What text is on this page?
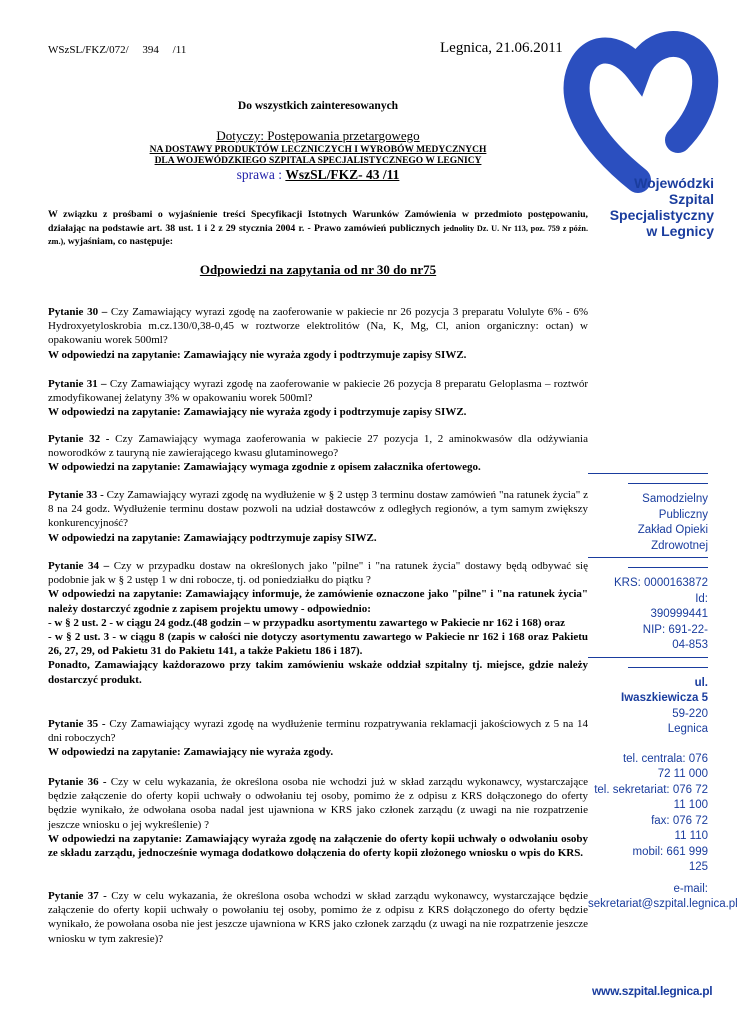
WSzSL/FKZ/072/     394     /11	Legnica, 21.06.2011
Wojewódzki
Szpital
Specjalistyczny
w Legnicy
Do wszystkich zainteresowanych
Dotyczy: Postępowania przetargowego
NA DOSTAWY PRODUKTÓW LECZNICZYCH I WYROBÓW MEDYCZNYCH
DLA WOJEWÓDZKIEGO SZPITALA SPECJALISTYCZNEGO W LEGNICY
sprawa : WszSL/FKZ- 43 /11
W związku z prośbami o wyjaśnienie treści Specyfikacji Istotnych Warunków Zamówienia w przedmioto postępowaniu, działając na podstawie art. 38 ust. 1 i 2 z 29 stycznia 2004 r. - Prawo zamówień publicznych jednolity Dz. U. Nr 113, poz. 759 z późn. zm.), wyjaśniam, co następuje:
Odpowiedzi na zapytania od nr 30 do nr75
Pytanie 30 – Czy Zamawiający wyrazi zgodę na zaoferowanie w pakiecie nr 26 pozycja 3 preparatu Volulyte 6% - 6% Hydroxyetyloskrobia m.cz.130/0,38-0,45 w roztworze elektrolitów (Na, K, Mg, Cl, anion organiczny: octan) w opakowaniu worek 500ml?
W odpowiedzi na zapytanie: Zamawiający nie wyraża zgody i podtrzymuje zapisy SIWZ.
Pytanie 31 – Czy Zamawiający wyrazi zgodę na zaoferowanie w pakiecie 26 pozycja 8 preparatu Geloplasma – roztwór zmodyfikowanej żelatyny 3% w opakowaniu worek 500ml?
W odpowiedzi na zapytanie: Zamawiający nie wyraża zgody i podtrzymuje zapisy SIWZ.
Pytanie 32 - Czy Zamawiający wymaga zaoferowania w pakiecie 27 pozycja 1, 2 aminokwasów dla odżywiania noworodków z tauryną nie zawierającego kwasu glutaminowego?
W odpowiedzi na zapytanie: Zamawiający wymaga zgodnie z opisem załacznika ofertowego.
Pytanie 33 - Czy Zamawiający wyrazi zgodę na wydłużenie w § 2 ustęp 3 terminu dostaw zamówień "na ratunek życia" z 8 na 24 godz. Wydłużenie terminu dostaw pozwoli na udział dostawców z odległych regionów, a tym samym zwiększy konkurencyjność?
W odpowiedzi na zapytanie: Zamawiający podtrzymuje zapisy SIWZ.
Pytanie 34 – Czy w przypadku dostaw na określonych jako "pilne" i "na ratunek życia" dostawy będą odbywać się podobnie jak w § 2 ustęp 1 w dni robocze, tj. od poniedziałku do piątku ?
W odpowiedzi na zapytanie: Zamawiający informuje, że zamówienie oznaczone jako "pilne" i "na ratunek życia" należy dostarczyć zgodnie z zapisem projektu umowy - odpowiednio:
- w § 2 ust. 2 - w ciągu 24 godz.(48 godzin – w przypadku asortymentu zawartego w Pakiecie nr 162 i 168) oraz
- w § 2 ust. 3 - w ciągu 8 (zapis w całości nie dotyczy asortymentu zawartego w Pakiecie nr 162 i 168 oraz Pakietu 26, 27, 29, od Pakietu 31 do Pakietu 141, a także Pakietu 186 i 187).
Ponadto, Zamawiający każdorazowo przy takim zamówieniu wskaże oddział szpitalny tj. miejsce, gdzie należy dostarczyć produkt.
Pytanie 35 - Czy Zamawiający wyrazi zgodę na wydłużenie terminu rozpatrywania reklamacji jakościowych z 5 na 14 dni roboczych?
W odpowiedzi na zapytanie: Zamawiający nie wyraża zgody.
Pytanie 36 - Czy w celu wykazania, że określona osoba nie wchodzi już w skład zarządu wykonawcy, wystarczające będzie załączenie do oferty kopii uchwały o odwołaniu tej osoby, pomimo że z odpisu z KRS dołączonego do oferty będzie wynikało, że odwołana osoba nadal jest ujawniona w KRS jako członek zarządu (z uwagi na nie rozpatrzenie jeszcze wniosku o jej wykreślenie) ?
W odpowiedzi na zapytanie: Zamawiający wyraża zgodę na załączenie do oferty kopii uchwały o odwołaniu osoby ze składu zarządu, jednocześnie wymaga dodatkowo dołączenia do oferty kopii złożonego wniosku o wpis do KRS.
Pytanie 37 - Czy w celu wykazania, że określona osoba wchodzi w skład zarządu wykonawcy, wystarczające będzie załączenie do oferty kopii uchwały o powołaniu tej osoby, pomimo że z odpisu z KRS dołączonego do oferty będzie wynikało, że powołana osoba nie jest jeszcze ujawniona w KRS jako członek zarządu (z uwagi na nie rozpatrzenie jeszcze wniosku w tym zakresie)?
Samodzielny
Publiczny
Zakład Opieki
Zdrowotnej
KRS: 0000163872
Id:
390999441
NIP: 691-22-
04-853
ul.
Iwaszkiewicza 5
59-220
Legnica
tel. centrala: 076
72 11 000
tel. sekretariat: 076 72
11 100
fax: 076 72
11 110
mobil: 661 999
125
e-mail:
sekretariat@szpital.legnica.pl
www.szpital.legnica.pl
